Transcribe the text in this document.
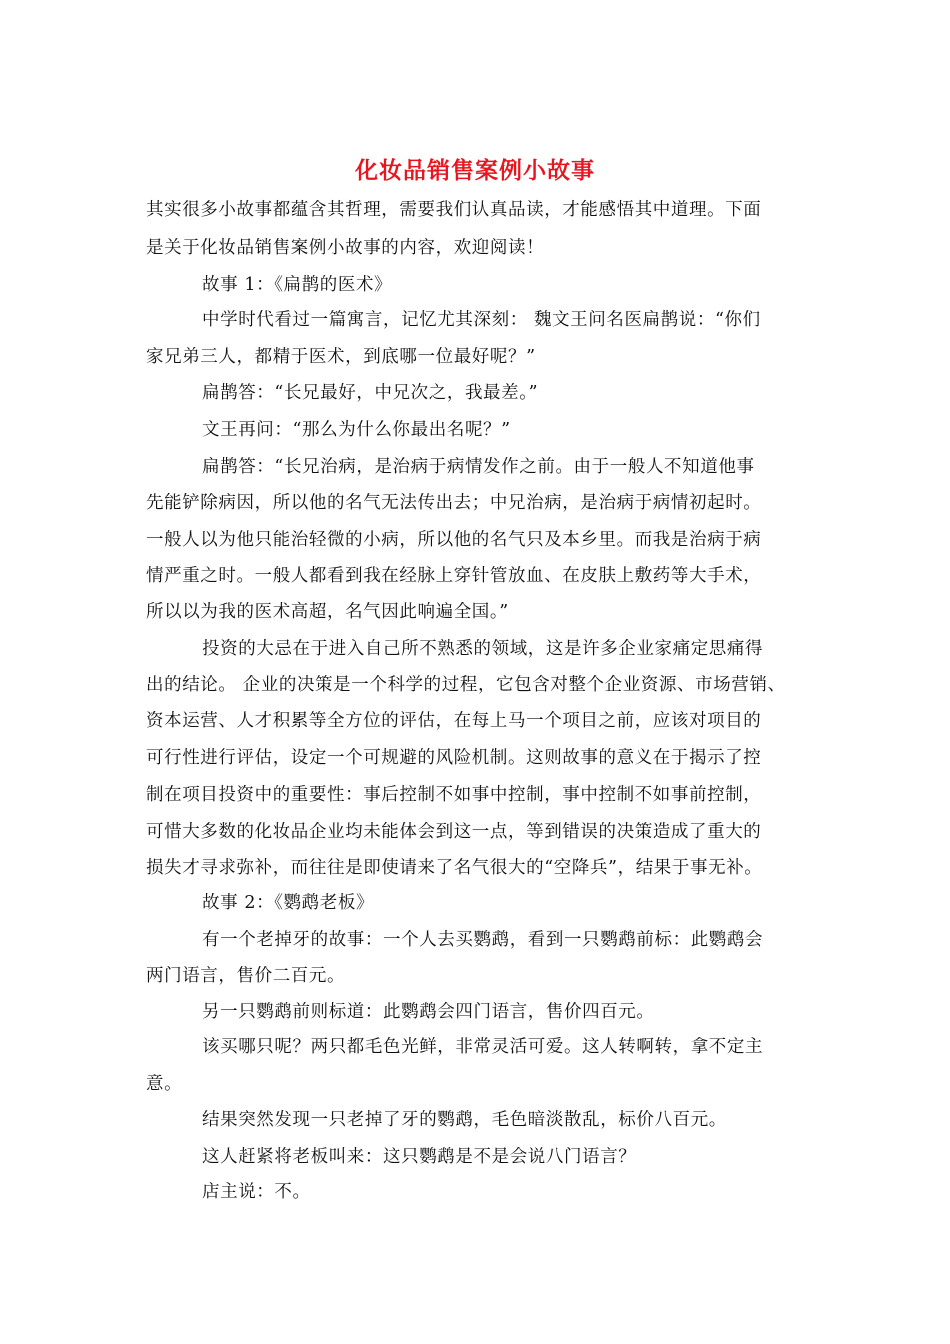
化妆品销售案例小故事
其实很多小故事都蕴含其哲理，需要我们认真品读，才能感悟其中道理。下面
是关于化妆品销售案例小故事的内容，欢迎阅读！
故事 1：《扁鹊的医术》
中学时代看过一篇寓言，记忆尤其深刻： 魏文王问名医扁鹊说：“你们
家兄弟三人，都精于医术，到底哪一位最好呢？”
扁鹊答：“长兄最好，中兄次之，我最差。”
文王再问：“那么为什么你最出名呢？”
扁鹊答：“长兄治病，是治病于病情发作之前。由于一般人不知道他事
先能铲除病因，所以他的名气无法传出去；中兄治病，是治病于病情初起时。
一般人以为他只能治轻微的小病，所以他的名气只及本乡里。而我是治病于病
情严重之时。一般人都看到我在经脉上穿针管放血、在皮肤上敷药等大手术，
所以以为我的医术高超，名气因此响遍全国。”
投资的大忌在于进入自己所不熟悉的领域，这是许多企业家痛定思痛得
出的结论。 企业的决策是一个科学的过程，它包含对整个企业资源、市场营销、
资本运营、人才积累等全方位的评估，在每上马一个项目之前，应该对项目的
可行性进行评估，设定一个可规避的风险机制。这则故事的意义在于揭示了控
制在项目投资中的重要性：事后控制不如事中控制，事中控制不如事前控制，
可惜大多数的化妆品企业均未能体会到这一点，等到错误的决策造成了重大的
损失才寻求弥补，而往往是即使请来了名气很大的“空降兵”，结果于事无补。
故事 2：《鹦鹉老板》
有一个老掉牙的故事：一个人去买鹦鹉，看到一只鹦鹉前标：此鹦鹉会
两门语言，售价二百元。
另一只鹦鹉前则标道：此鹦鹉会四门语言，售价四百元。
该买哪只呢？两只都毛色光鲜，非常灵活可爱。这人转啊转，拿不定主
意。
结果突然发现一只老掉了牙的鹦鹉，毛色暗淡散乱，标价八百元。
这人赶紧将老板叫来：这只鹦鹉是不是会说八门语言？
店主说：不。
